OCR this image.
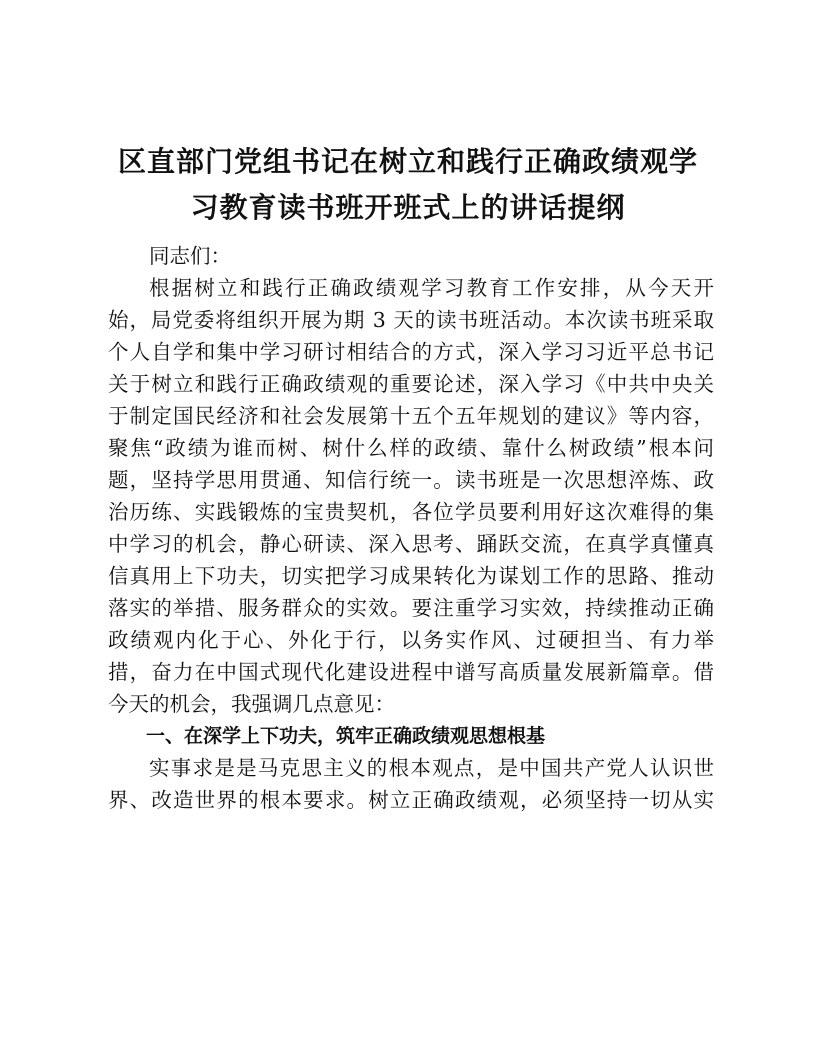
区直部门党组书记在树立和践行正确政绩观学
习教育读书班开班式上的讲话提纲
同志们：
根据树立和践行正确政绩观学习教育工作安排，从今天开
始，局党委将组织开展为期 3 天的读书班活动。本次读书班采取
个人自学和集中学习研讨相结合的方式，深入学习习近平总书记
关于树立和践行正确政绩观的重要论述，深入学习《中共中央关
于制定国民经济和社会发展第十五个五年规划的建议》等内容，
聚焦“政绩为谁而树、树什么样的政绩、靠什么树政绩”根本问
题，坚持学思用贯通、知信行统一。读书班是一次思想淬炼、政
治历练、实践锻炼的宝贵契机，各位学员要利用好这次难得的集
中学习的机会，静心研读、深入思考、踊跃交流，在真学真懂真
信真用上下功夫，切实把学习成果转化为谋划工作的思路、推动
落实的举措、服务群众的实效。要注重学习实效，持续推动正确
政绩观内化于心、外化于行，以务实作风、过硬担当、有力举
措，奋力在中国式现代化建设进程中谱写高质量发展新篇章。借
今天的机会，我强调几点意见：
一、在深学上下功夫，筑牢正确政绩观思想根基
实事求是是马克思主义的根本观点，是中国共产党人认识世
界、改造世界的根本要求。树立正确政绩观，必须坚持一切从实
